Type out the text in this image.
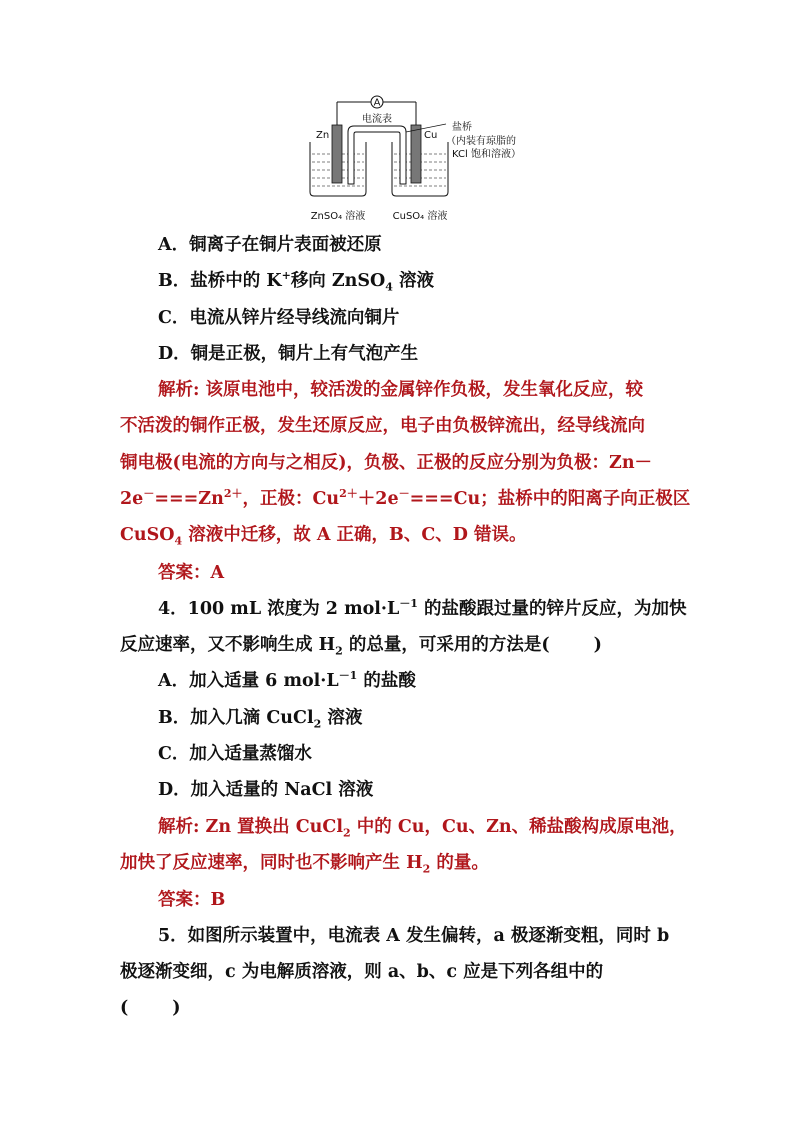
A
电流表
Zn	Cu
盐桥
（内装有琼脂的
KCl 饱和溶液）
ZnSO₄ 溶液	CuSO₄ 溶液
A．铜离子在铜片表面被还原
B．盐桥中的 K+移向 ZnSO$_4$ 溶液
C．电流从锌片经导线流向铜片
D．铜是正极，铜片上有气泡产生
解析: 该原电池中，较活泼的金属锌作负极，发生氧化反应，较
不活泼的铜作正极，发生还原反应，电子由负极锌流出，经导线流向
铜电极(电流的方向与之相反)，负极、正极的反应分别为负极：Zn－
$2e^-===Zn^{2+}$，正极：$Cu^{2+}+2e^-===Cu$；盐桥中的阳离子向正极区
CuSO$_4$ 溶液中迁移，故 A 正确，B、C、D 错误。
答案：A
4．100 mL 浓度为 2 $mol\cdot L^{-1}$ 的盐酸跟过量的锌片反应，为加快
反应速率，又不影响生成 $H_2$ 的总量，可采用的方法是(	)
A．加入适量 6 $mol\cdot L^{-1}$ 的盐酸
B．加入几滴 CuCl$_2$ 溶液
C．加入适量蒸馏水
D．加入适量的 NaCl 溶液
解析: Zn 置换出 CuCl$_2$ 中的 Cu，Cu、Zn、稀盐酸构成原电池，
加快了反应速率，同时也不影响产生 $H_2$ 的量。
答案：B
5．如图所示装置中，电流表 A 发生偏转，a 极逐渐变粗，同时 b
极逐渐变细，c 为电解质溶液，则 a、b、c 应是下列各组中的
(	)
